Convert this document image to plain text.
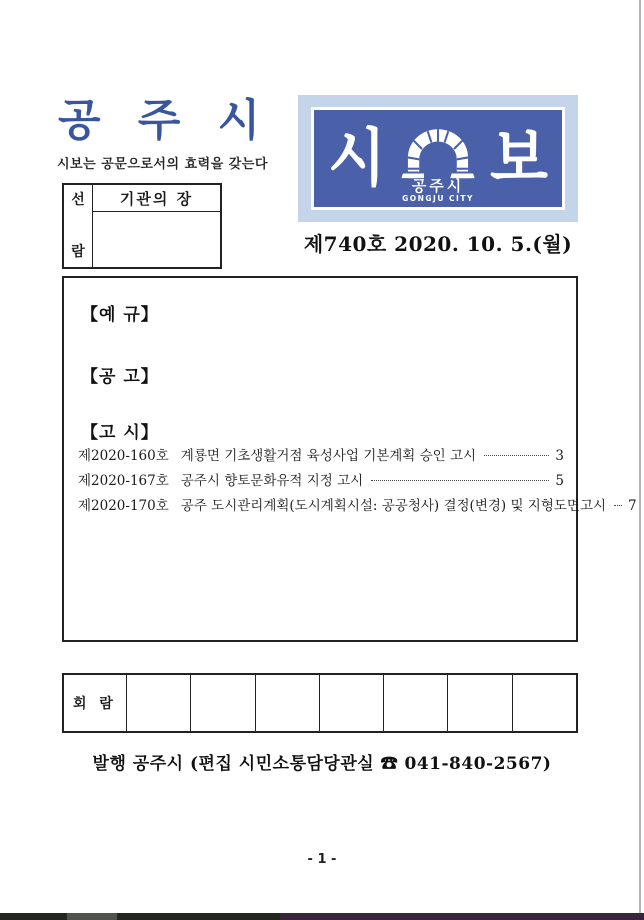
공 주 시
시보는 공문으로서의 효력을 갖는다
선
람
기관의 장
시 공주시
GONGJU CITY
보
제740호 2020. 10. 5.(월)
【예 규】
【공 고】
【고 시】
제2020-160호 계룡면 기초생활거점 육성사업 기본계획 승인 고시	3
제2020-167호 공주시 향토문화유적 지정 고시	5
제2020-170호 공주 도시관리계획(도시계획시설: 공공청사) 결정(변경) 및 지형도면고시 7
회 람
발행 공주시 (편집 시민소통담당관실 ☎ 041-840-2567)
- 1 -
